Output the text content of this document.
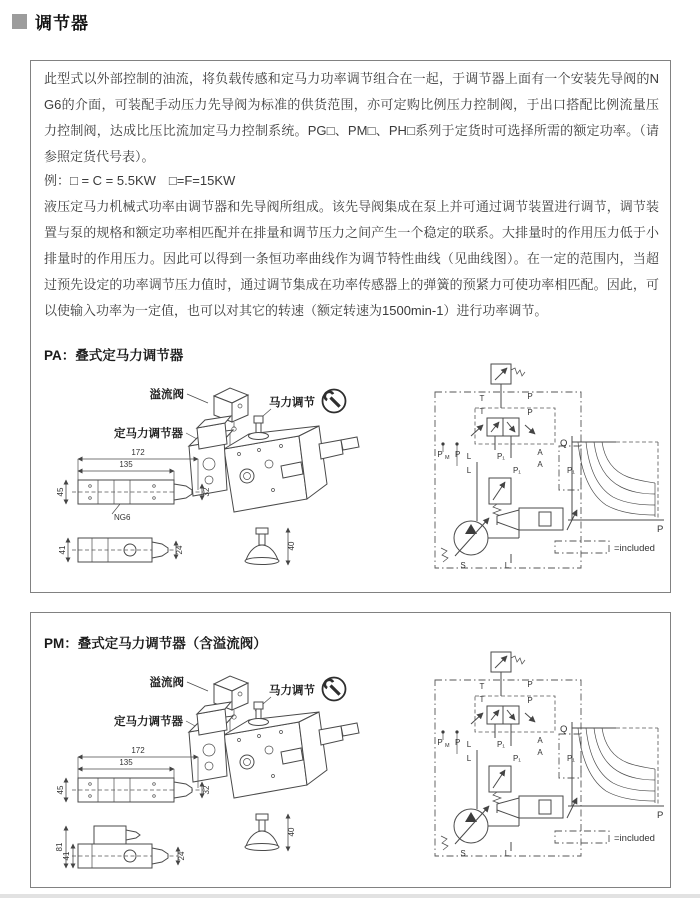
调节器

此型式以外部控制的油流，将负载传感和定马力功率调节组合在一起，于调节器上面有一个安装先导阀的NG6的介面，可装配手动压力先导阀为标准的供货范围，亦可定购比例压力控制阀，于出口搭配比例流量压力控制阀，达成比压比流加定马力控制系统。PG□、PM□、PH□系列于定货时可选择所需的额定功率。（请参照定货代号表）。

例：□ = C = 5.5KW　□=F=15KW

液压定马力机械式功率由调节器和先导阀所组成。该先导阀集成在泵上并可通过调节装置进行调节，调节装置与泵的规格和额定功率相匹配并在排量和调节压力之间产生一个稳定的联系。大排量时的作用压力低于小排量时的作用压力。因此可以得到一条恒功率曲线作为调节特性曲线（见曲线图）。在一定的范围内，当超过预先设定的功率调节压力值时，通过调节集成在功率传感器上的弹簧的预紧力可使功率相匹配。因此，可以使输入功率为一定值，也可以对其它的转速（额定转速为1500min-1）进行功率调节。

PA：叠式定马力调节器
溢流阀
马力调节
定马力调节器
NG6
41	24
PM：叠式定马力调节器（含溢流阀）
溢流阀
马力调节
定马力调节器
81
41	24
